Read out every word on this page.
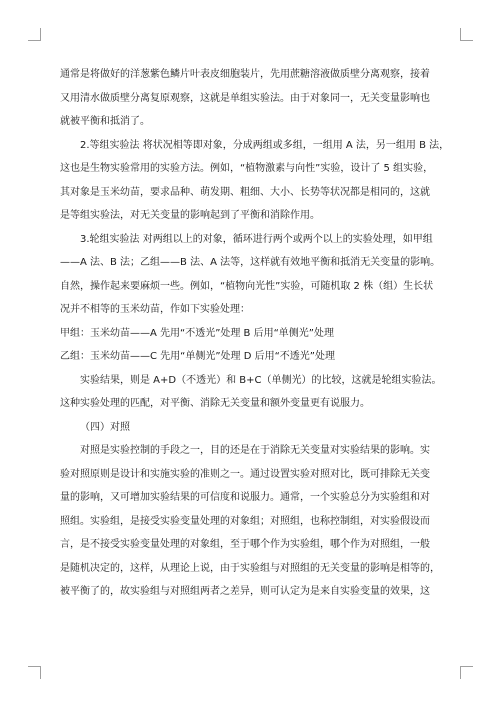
通常是将做好的洋葱紫色鳞片叶表皮细胞装片，先用蔗糖溶液做质壁分离观察，接着
又用清水做质壁分离复原观察，这就是单组实验法。由于对象同一，无关变量影响也
就被平衡和抵消了。
2.等组实验法 将状况相等即对象，分成两组或多组，一组用 A 法，另一组用 B 法，
这也是生物实验常用的实验方法。例如，“植物激素与向性”实验，设计了 5 组实验，
其对象是玉米幼苗，要求品种、萌发期、粗细、大小、长势等状况都是相同的，这就
是等组实验法，对无关变量的影响起到了平衡和消除作用。
3.轮组实验法 对两组以上的对象，循环进行两个或两个以上的实验处理，如甲组
——A 法、B 法；乙组——B 法、A 法等，这样就有效地平衡和抵消无关变量的影响。
自然，操作起来要麻烦一些。例如，“植物向光性”实验，可随机取 2 株（组）生长状
况并不相等的玉米幼苗，作如下实验处理：
甲组：玉米幼苗——A 先用“不透光”处理 B 后用“单侧光”处理
乙组：玉米幼苗——C 先用“单侧光”处理 D 后用“不透光”处理
实验结果，则是 A+D（不透光）和 B+C（单侧光）的比较，这就是轮组实验法。
这种实验处理的匹配，对平衡、消除无关变量和额外变量更有说服力。
（四）对照
对照是实验控制的手段之一，目的还是在于消除无关变量对实验结果的影响。实
验对照原则是设计和实施实验的准则之一。通过设置实验对照对比，既可排除无关变
量的影响，又可增加实验结果的可信度和说服力。通常，一个实验总分为实验组和对
照组。实验组，是接受实验变量处理的对象组；对照组，也称控制组，对实验假设而
言，是不接受实验变量处理的对象组，至于哪个作为实验组，哪个作为对照组，一般
是随机决定的，这样，从理论上说，由于实验组与对照组的无关变量的影响是相等的，
被平衡了的，故实验组与对照组两者之差异，则可认定为是来自实验变量的效果，这
